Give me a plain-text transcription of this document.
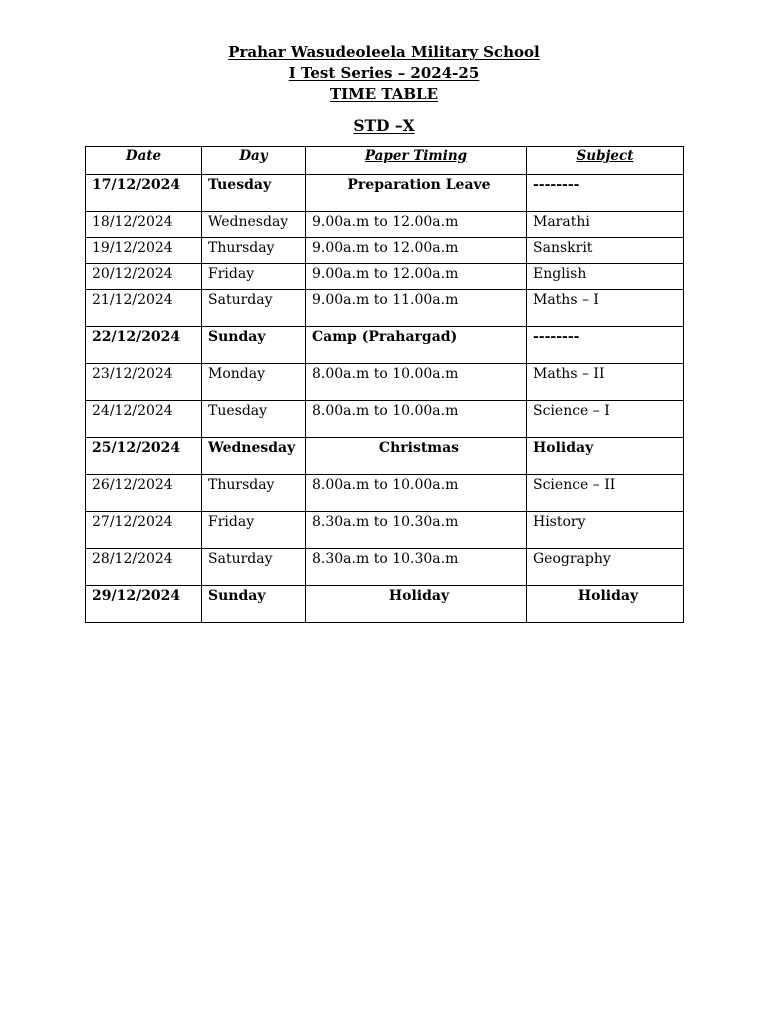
Prahar Wasudeoleela Military School
I Test Series – 2024-25
TIME TABLE
STD –X
Date	Day	Paper Timing	Subject
17/12/2024	Tuesday	Preparation Leave	--------
18/12/2024	Wednesday	9.00a.m to 12.00a.m	Marathi
19/12/2024	Thursday	9.00a.m to 12.00a.m	Sanskrit
20/12/2024	Friday	9.00a.m to 12.00a.m	English
21/12/2024	Saturday	9.00a.m to 11.00a.m	Maths – I
22/12/2024	Sunday	Camp (Prahargad)	--------
23/12/2024	Monday	8.00a.m to 10.00a.m	Maths – II
24/12/2024	Tuesday	8.00a.m to 10.00a.m	Science – I
25/12/2024	Wednesday	Christmas	Holiday
26/12/2024	Thursday	8.00a.m to 10.00a.m	Science – II
27/12/2024	Friday	8.30a.m to 10.30a.m	History
28/12/2024	Saturday	8.30a.m to 10.30a.m	Geography
29/12/2024	Sunday	Holiday	Holiday
